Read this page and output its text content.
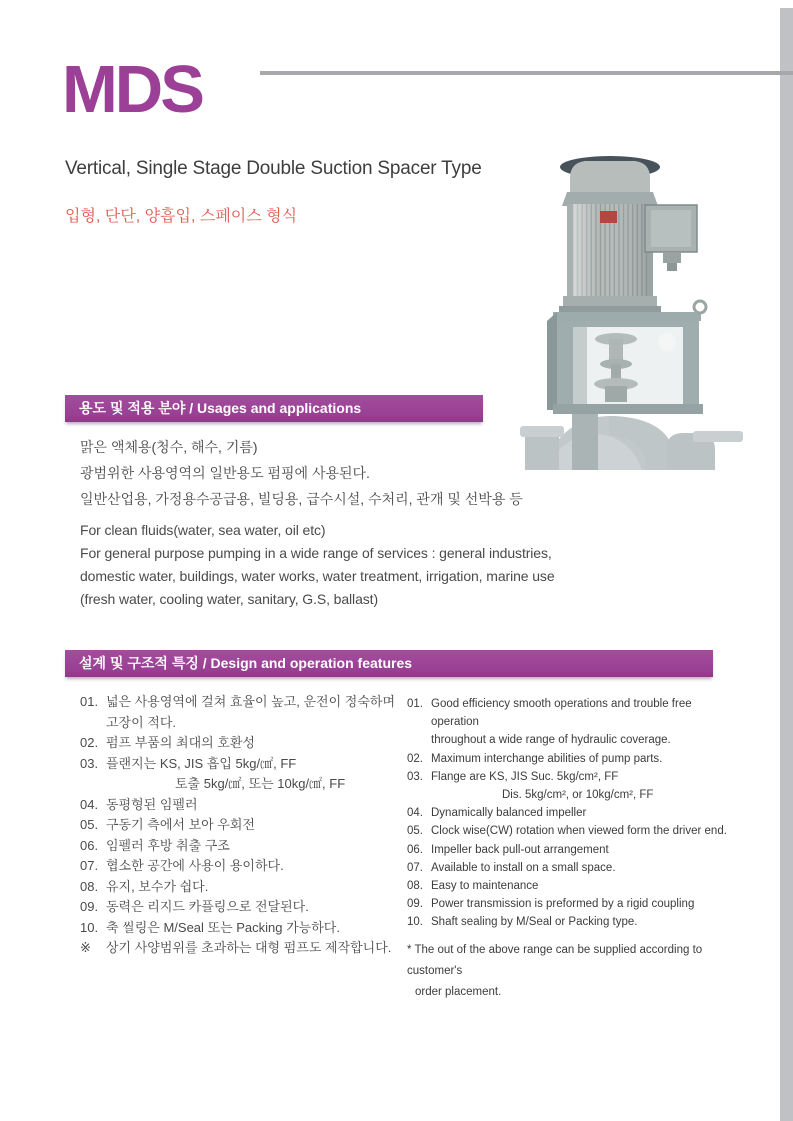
MDS
Vertical, Single Stage Double Suction Spacer Type
입형, 단단, 양흡입, 스페이스 형식
용도 및 적용 분야 / Usages and applications
맑은 액체용(청수, 해수, 기름)
광범위한 사용영역의 일반용도 펌핑에 사용된다.
일반산업용, 가정용수공급용, 빌딩용, 급수시설, 수처리, 관개 및 선박용 등
For clean fluids(water, sea water, oil etc)
For general purpose pumping in a wide range of services : general industries,
domestic water, buildings, water works, water treatment, irrigation, marine use
(fresh water, cooling water, sanitary, G.S, ballast)
설계 및 구조적 특징 / Design and operation features
01. 넓은 사용영역에 걸쳐 효율이 높고, 운전이 정숙하며
고장이 적다.
02. 펌프 부품의 최대의 호환성
03. 플랜지는 KS, JIS 흡입 5kg/㎠, FF
토출 5kg/㎠, 또는 10kg/㎠, FF
04. 동평형된 임펠러
05. 구동기 측에서 보아 우회전
06. 임펠러 후방 취출 구조
07. 협소한 공간에 사용이 용이하다.
08. 유지, 보수가 쉽다.
09. 동력은 리지드 카플링으로 전달된다.
10. 축 씰링은 M/Seal 또는 Packing 가능하다.
※	상기 사양범위를 초과하는 대형 펌프도 제작합니다.
01. Good efficiency smooth operations and trouble free operation
throughout a wide range of hydraulic coverage.
02. Maximum interchange abilities of pump parts.
03. Flange are KS, JIS Suc. 5kg/cm², FF
Dis. 5kg/cm², or 10kg/cm², FF
04. Dynamically balanced impeller
05. Clock wise(CW) rotation when viewed form the driver end.
06. Impeller back pull-out arrangement
07. Available to install on a small space.
08. Easy to maintenance
09. Power transmission is preformed by a rigid coupling
10. Shaft sealing by M/Seal or Packing type.
* The out of the above range can be supplied according to customer's
order placement.
